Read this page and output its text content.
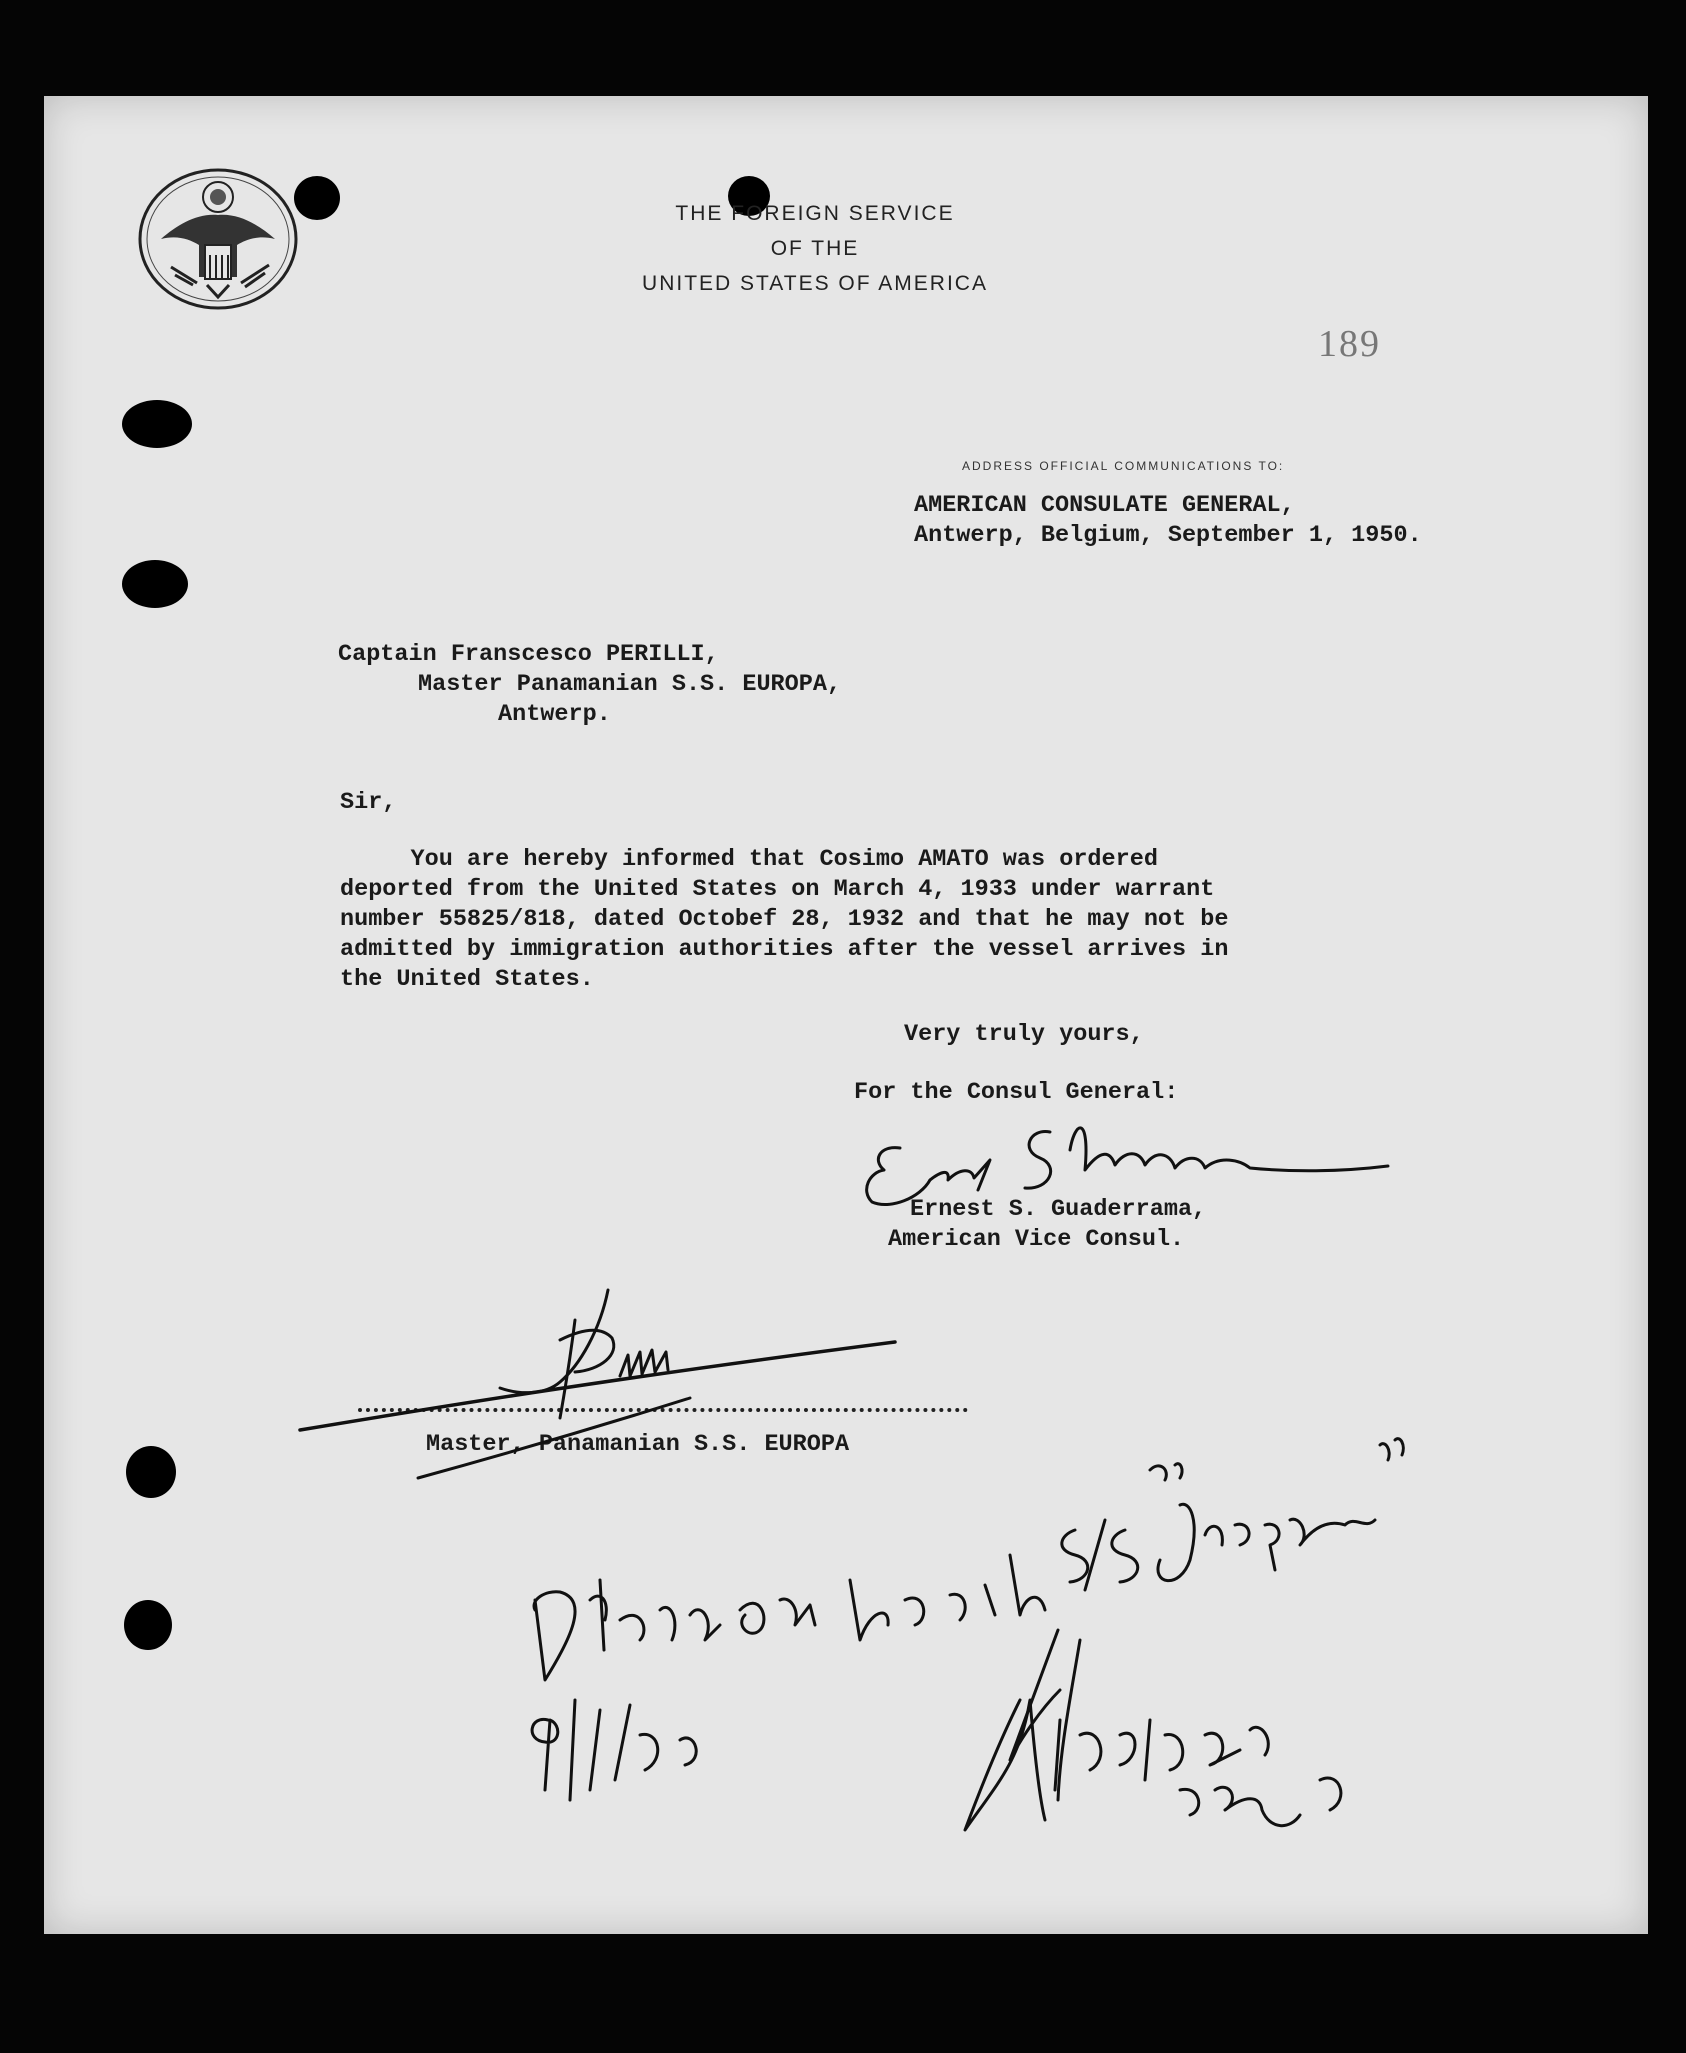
THE FOREIGN SERVICE
OF THE
UNITED STATES OF AMERICA
189
ADDRESS OFFICIAL COMMUNICATIONS TO:
AMERICAN CONSULATE GENERAL,
Antwerp, Belgium, September 1, 1950.
Captain Franscesco PERILLI,
Master Panamanian S.S. EUROPA,
Antwerp.
Sir,
You are hereby informed that Cosimo AMATO was ordered
deported from the United States on March 4, 1933 under warrant
number 55825/818, dated Octobef 28, 1932 and that he may not be
admitted by immigration authorities after the vessel arrives in
the United States.
Very truly yours,
For the Consul General:
Ernest S. Guaderrama,
American Vice Consul.
Master, Panamanian S.S. EUROPA
